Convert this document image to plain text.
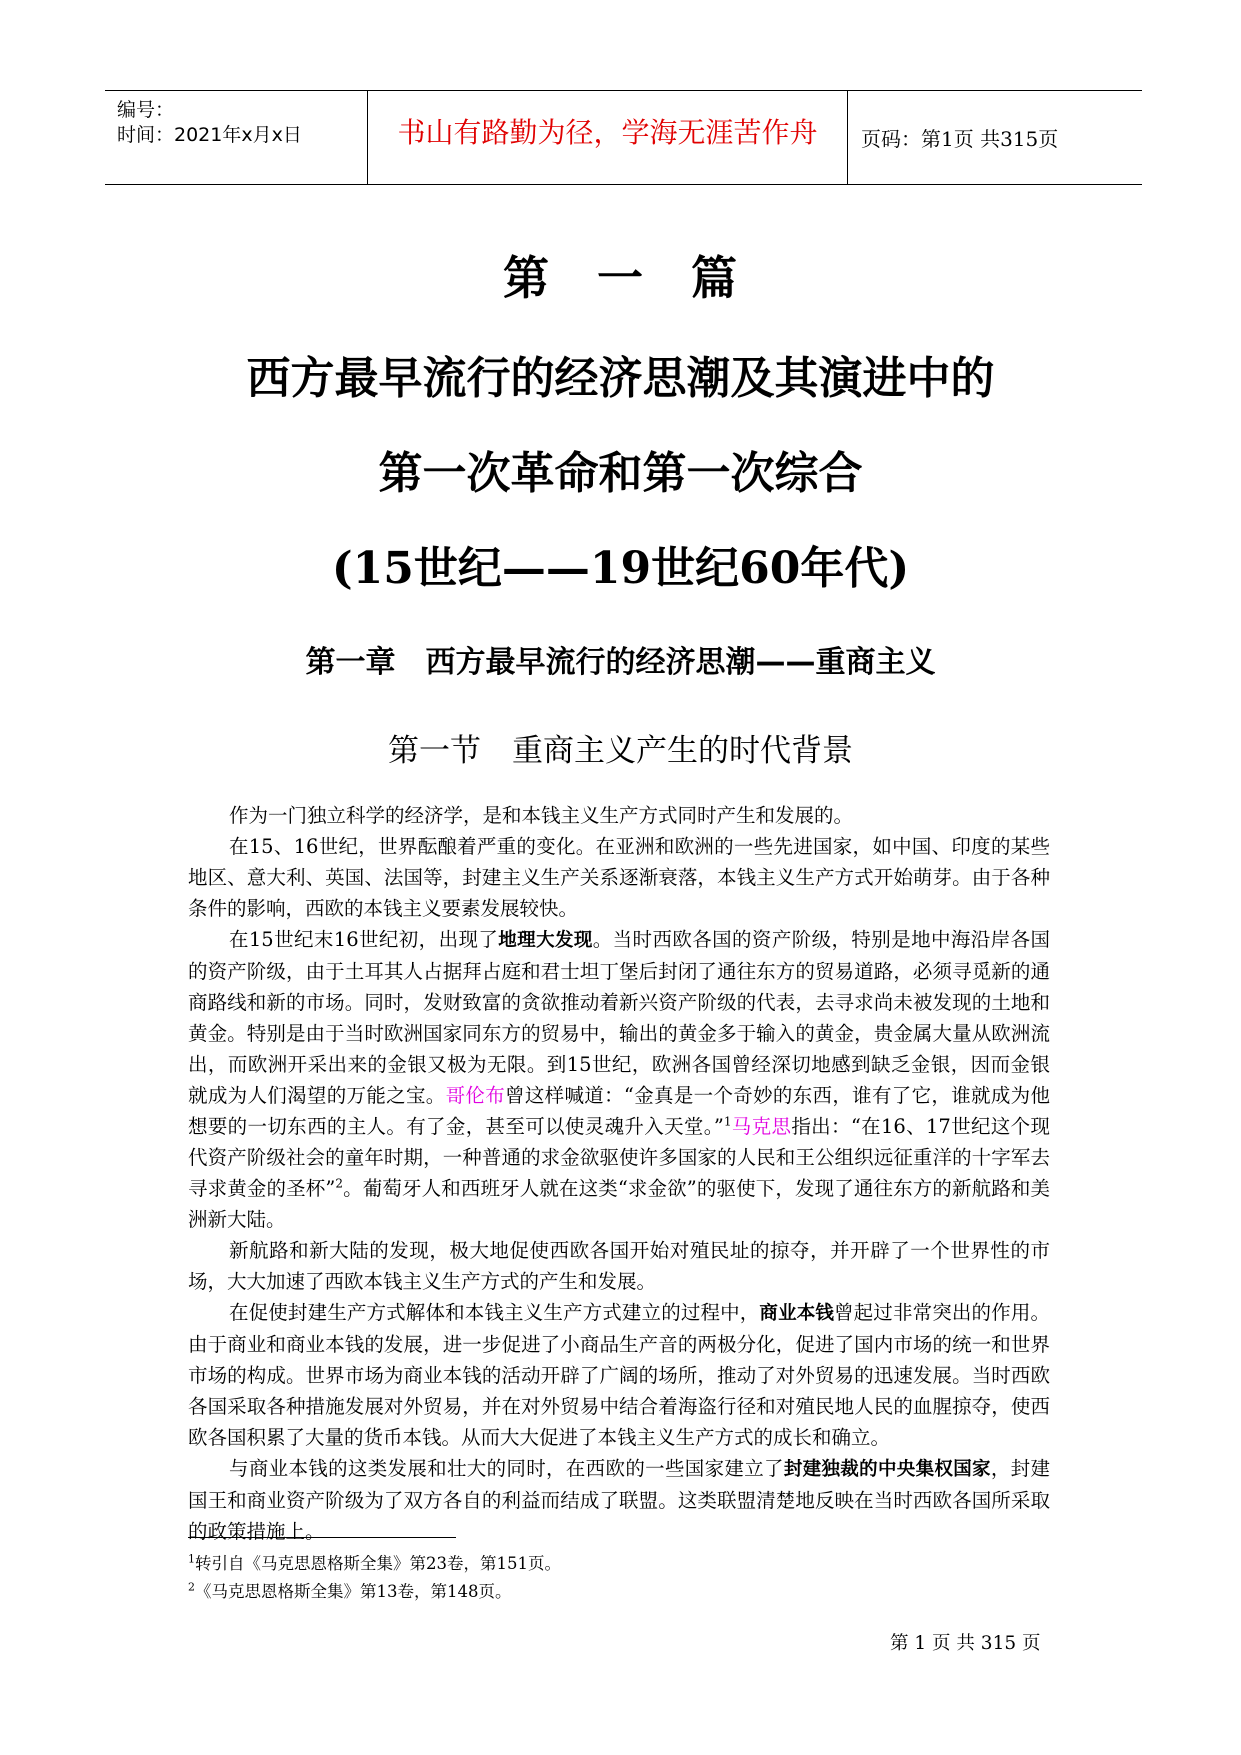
编号：
时间：2021年x月x日	书山有路勤为径，学海无涯苦作舟	页码：第1页 共315页
第　一　篇
西方最早流行的经济思潮及其演进中的
第一次革命和第一次综合
(15世纪——19世纪60年代)
第一章　西方最早流行的经济思潮——重商主义
第一节　重商主义产生的时代背景

作为一门独立科学的经济学，是和本钱主义生产方式同时产生和发展的。

在15、16世纪，世界酝酿着严重的变化。在亚洲和欧洲的一些先进国家，如中国、印度的某些地区、意大利、英国、法国等，封建主义生产关系逐渐衰落，本钱主义生产方式开始萌芽。由于各种条件的影响，西欧的本钱主义要素发展较快。

在15世纪末16世纪初，出现了地理大发现。当时西欧各国的资产阶级，特别是地中海沿岸各国的资产阶级，由于土耳其人占据拜占庭和君士坦丁堡后封闭了通往东方的贸易道路，必须寻觅新的通商路线和新的市场。同时，发财致富的贪欲推动着新兴资产阶级的代表，去寻求尚未被发现的土地和黄金。特别是由于当时欧洲国家同东方的贸易中，输出的黄金多于输入的黄金，贵金属大量从欧洲流出，而欧洲开采出来的金银又极为无限。到15世纪，欧洲各国曾经深切地感到缺乏金银，因而金银就成为人们渴望的万能之宝。哥伦布曾这样喊道：“金真是一个奇妙的东西，谁有了它，谁就成为他想要的一切东西的主人。有了金，甚至可以使灵魂升入天堂。”$^1$马克思指出：“在16、17世纪这个现代资产阶级社会的童年时期，一种普通的求金欲驱使许多国家的人民和王公组织远征重洋的十字军去寻求黄金的圣杯”$^2$。葡萄牙人和西班牙人就在这类“求金欲”的驱使下，发现了通往东方的新航路和美洲新大陆。

新航路和新大陆的发现，极大地促使西欧各国开始对殖民址的掠夺，并开辟了一个世界性的市场，大大加速了西欧本钱主义生产方式的产生和发展。

在促使封建生产方式解体和本钱主义生产方式建立的过程中，商业本钱曾起过非常突出的作用。由于商业和商业本钱的发展，进一步促进了小商品生产音的两极分化，促进了国内市场的统一和世界市场的构成。世界市场为商业本钱的活动开辟了广阔的场所，推动了对外贸易的迅速发展。当时西欧各国采取各种措施发展对外贸易，并在对外贸易中结合着海盗行径和对殖民地人民的血腥掠夺，使西欧各国积累了大量的货币本钱。从而大大促进了本钱主义生产方式的成长和确立。

与商业本钱的这类发展和壮大的同时，在西欧的一些国家建立了封建独裁的中央集权国家，封建国王和商业资产阶级为了双方各自的利益而结成了联盟。这类联盟清楚地反映在当时西欧各国所采取的政策措施上。

$^1$转引自《马克思恩格斯全集》第23卷，第151页。
$^2$《马克思恩格斯全集》第13卷，第148页。
第 1 页 共 315 页
